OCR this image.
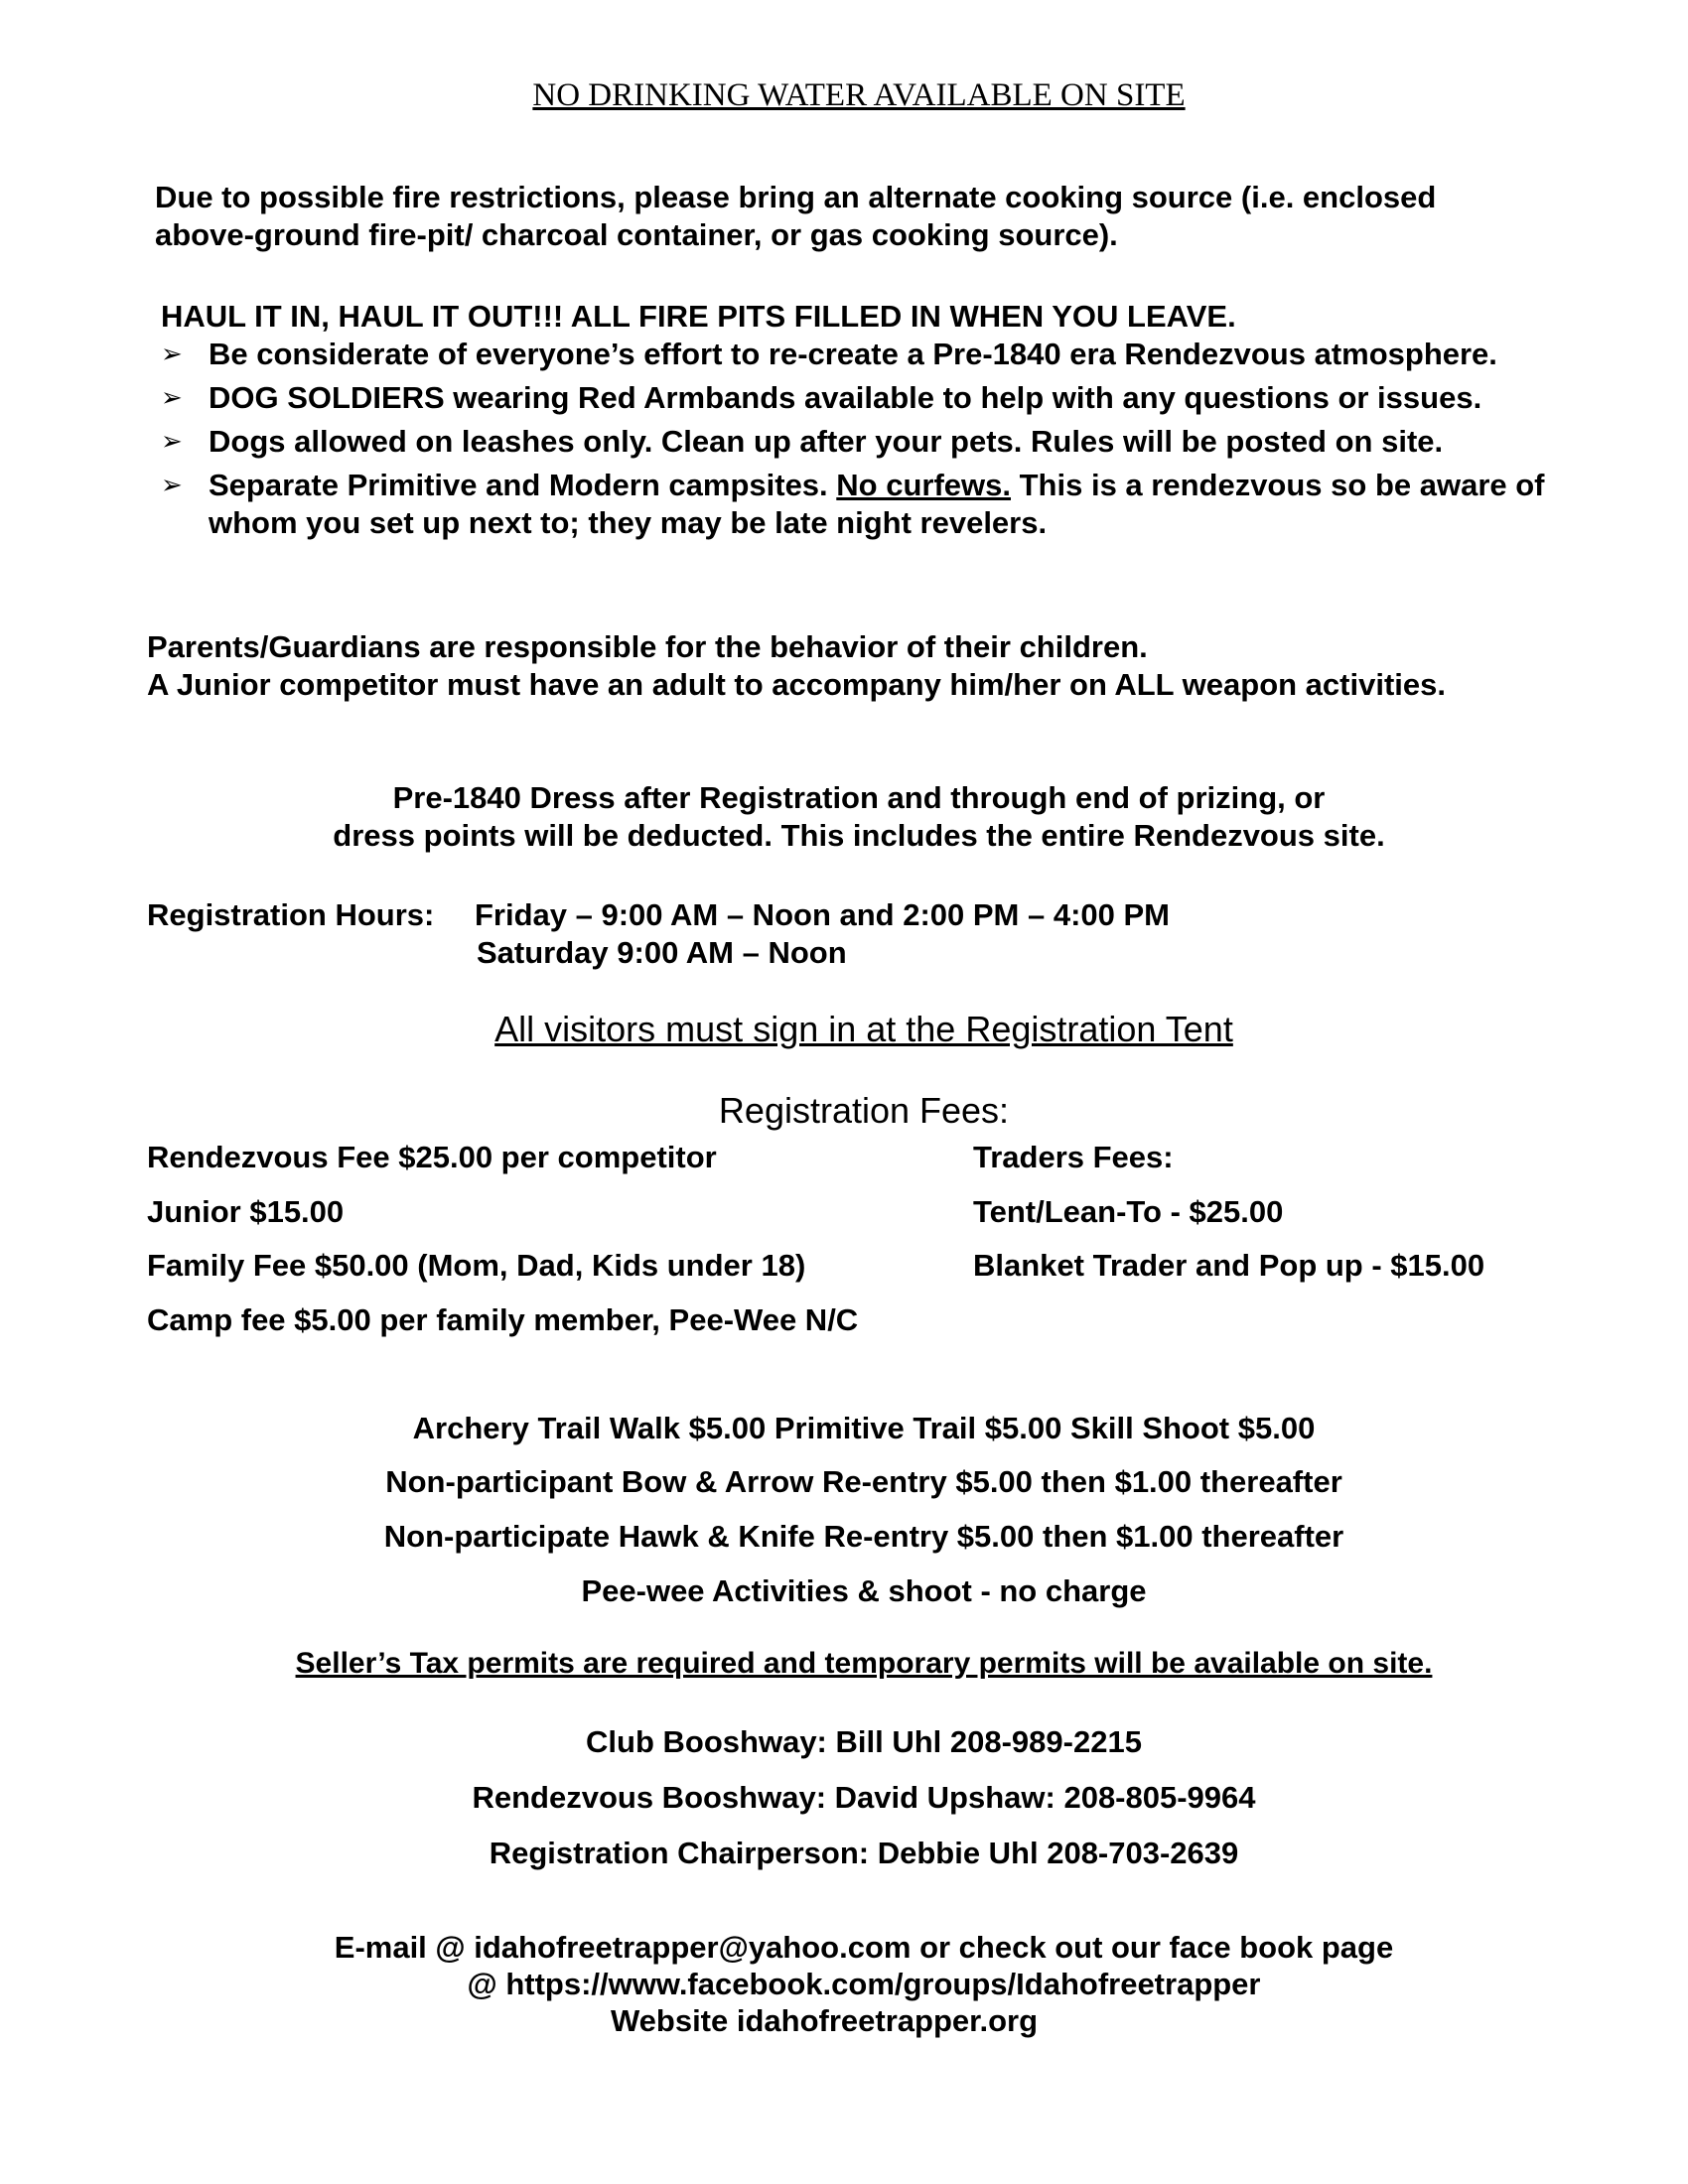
NO DRINKING WATER AVAILABLE ON SITE
Due to possible fire restrictions, please bring an alternate cooking source (i.e. enclosed
above-ground fire-pit/ charcoal container, or gas cooking source).
HAUL IT IN, HAUL IT OUT!!! ALL FIRE PITS FILLED IN WHEN YOU LEAVE.
➢ Be considerate of everyone’s effort to re-create a Pre-1840 era Rendezvous atmosphere.
➢ DOG SOLDIERS wearing Red Armbands available to help with any questions or issues.
➢ Dogs allowed on leashes only. Clean up after your pets. Rules will be posted on site.
➢ Separate Primitive and Modern campsites. No curfews. This is a rendezvous so be aware of whom you set up next to; they may be late night revelers.
Parents/Guardians are responsible for the behavior of their children.
A Junior competitor must have an adult to accompany him/her on ALL weapon activities.
Pre-1840 Dress after Registration and through end of prizing, or
dress points will be deducted. This includes the entire Rendezvous site.
Registration Hours: Friday – 9:00 AM – Noon and 2:00 PM – 4:00 PM
Saturday 9:00 AM – Noon
All visitors must sign in at the Registration Tent
Registration Fees:
Rendezvous Fee $25.00 per competitor
Junior $15.00
Family Fee $50.00 (Mom, Dad, Kids under 18)
Camp fee $5.00 per family member, Pee-Wee N/C
Traders Fees:
Tent/Lean-To - $25.00
Blanket Trader and Pop up - $15.00
Archery Trail Walk $5.00 Primitive Trail $5.00 Skill Shoot $5.00
Non-participant Bow & Arrow Re-entry $5.00 then $1.00 thereafter
Non-participate Hawk & Knife Re-entry $5.00 then $1.00 thereafter
Pee-wee Activities & shoot - no charge
Seller’s Tax permits are required and temporary permits will be available on site.
Club Booshway: Bill Uhl 208-989-2215
Rendezvous Booshway: David Upshaw: 208-805-9964
Registration Chairperson: Debbie Uhl 208-703-2639
E-mail @ idahofreetrapper@yahoo.com or check out our face book page
@ https://www.facebook.com/groups/Idahofreetrapper
Website idahofreetrapper.org
